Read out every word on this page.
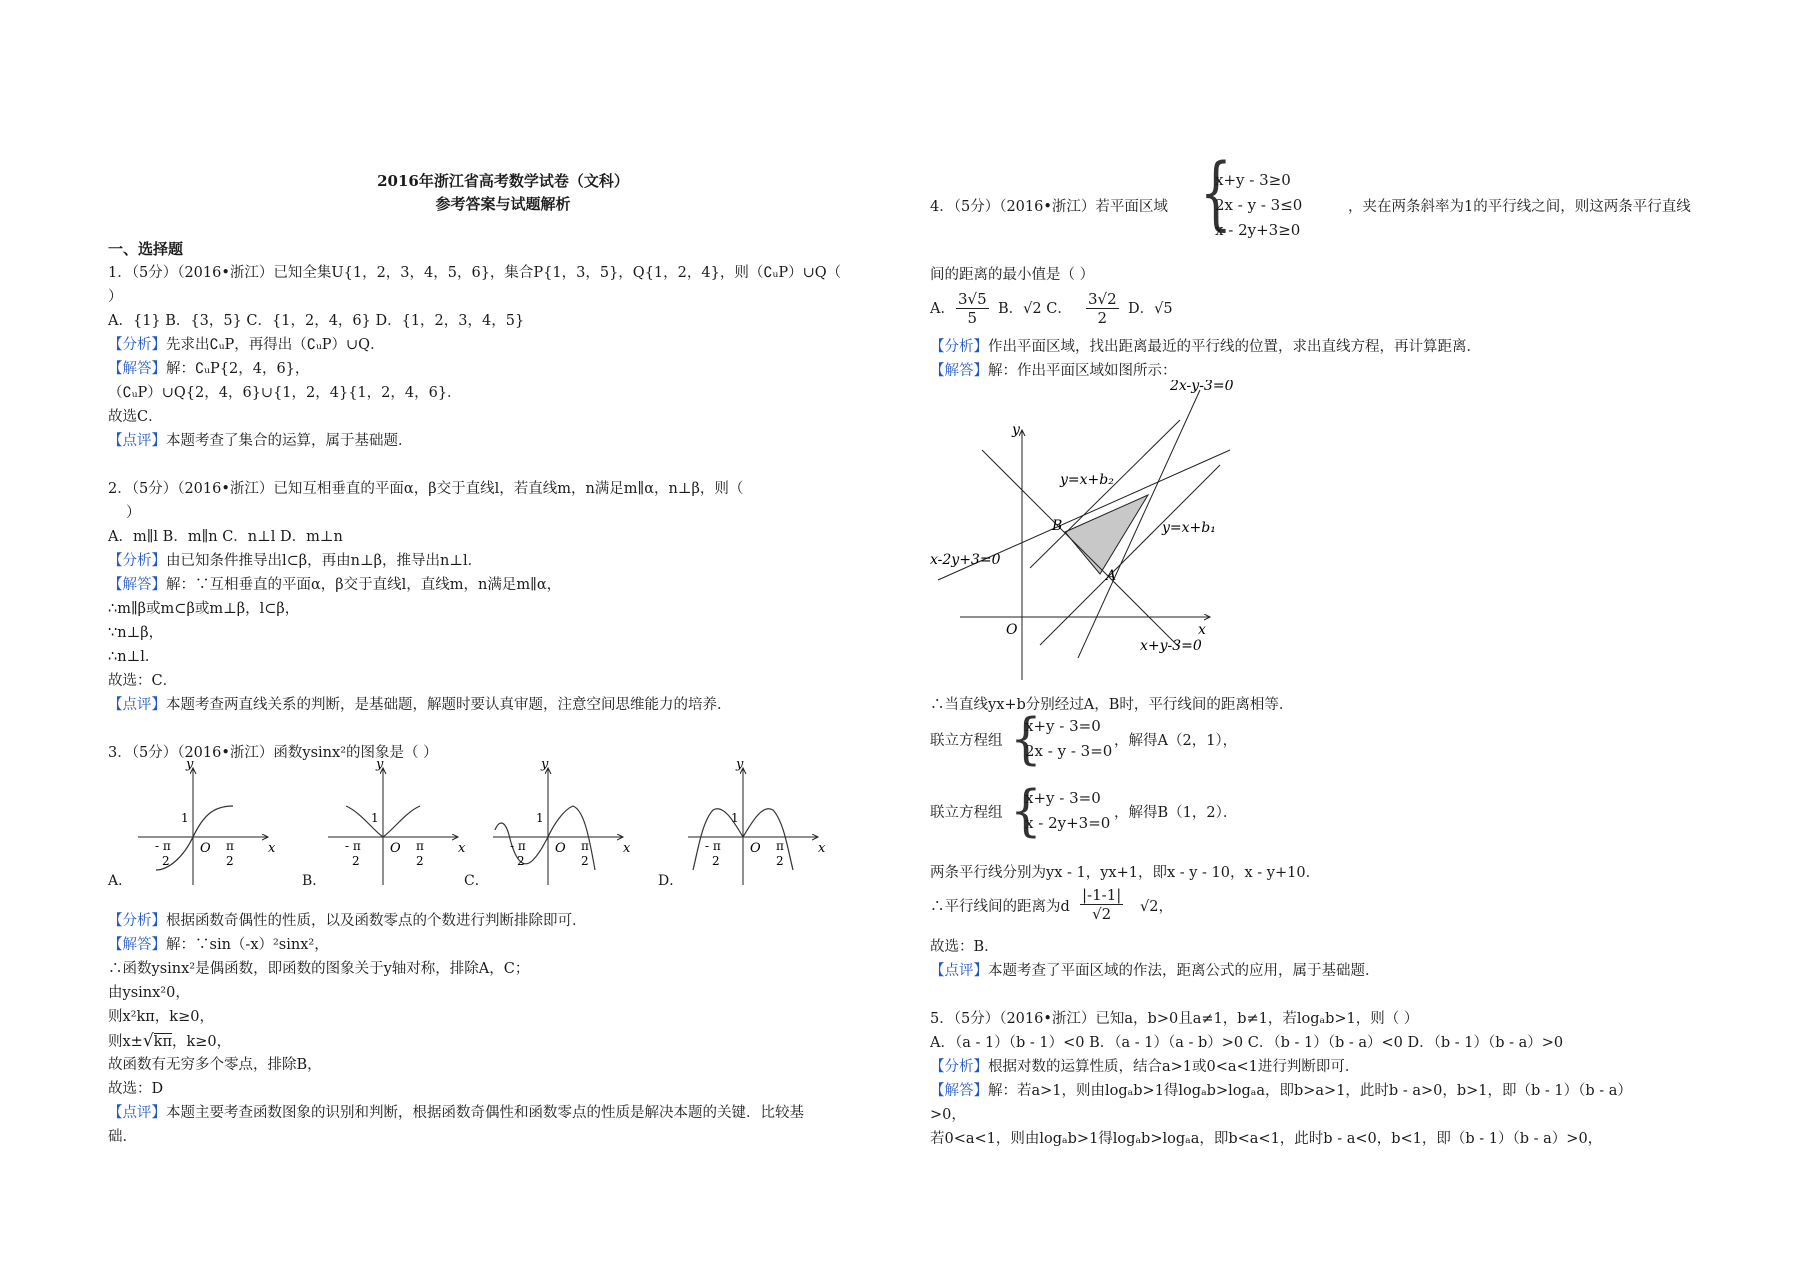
2016年浙江省高考数学试卷（文科）
参考答案与试题解析
一、选择题
1．（5分）（2016•浙江）已知全集U{1，2，3，4，5，6}，集合P{1，3，5}，Q{1，2，4}，则（∁ᵤP）∪Q（
）
A．{1} B．{3，5} C．{1，2，4，6} D．{1，2，3，4，5}
【分析】先求出∁ᵤP，再得出（∁ᵤP）∪Q．
【解答】解：∁ᵤP{2，4，6}，
（∁ᵤP）∪Q{2，4，6}∪{1，2，4}{1，2，4，6}．
故选C．
【点评】本题考查了集合的运算，属于基础题．
2．（5分）（2016•浙江）已知互相垂直的平面α，β交于直线l，若直线m，n满足m∥α，n⊥β，则（
）
A．m∥l B．m∥n C．n⊥l D．m⊥n
【分析】由已知条件推导出l⊂β，再由n⊥β，推导出n⊥l．
【解答】解：∵互相垂直的平面α，β交于直线l，直线m，n满足m∥α，
∴m∥β或m⊂β或m⊥β，l⊂β，
∵n⊥β，
∴n⊥l．
故选：C．
【点评】本题考查两直线关系的判断，是基础题，解题时要认真审题，注意空间思维能力的培养．
3．（5分）（2016•浙江）函数ysinx²的图象是（ ）
y
x
1
O
- π
2
π
2
y
x
1
O
- π
2
π
2
y
x
1
O
- π
2
π
2
y
x
1
O
- π
2
π
2
A．	B．	C．	D．
【分析】根据函数奇偶性的性质，以及函数零点的个数进行判断排除即可．
【解答】解：∵sin（-x）²sinx²，
∴函数ysinx²是偶函数，即函数的图象关于y轴对称，排除A，C；
由ysinx²0，
则x²kπ，k≥0，
则x±√kπ，k≥0，
故函数有无穷多个零点，排除B，
故选：D
【点评】本题主要考查函数图象的识别和判断，根据函数奇偶性和函数零点的性质是解决本题的关键．比较基
础．
4．（5分）（2016•浙江）若平面区域 {
x+y - 3≥0
2x - y - 3≤0
x - 2y+3≥0
，夹在两条斜率为1的平行线之间，则这两条平行直线
间的距离的最小值是（ ）
A． $\frac{3√5}{5}$ B．√2 C． $\frac{3√2}{2}$ D．√5
【分析】作出平面区域，找出距离最近的平行线的位置，求出直线方程，再计算距离．
【解答】解：作出平面区域如图所示：
2x-y-3=0
y=x+b₂
y=x+b₁
x-2y+3=0
x+y-3=0
A
B
O	x
y
∴当直线yx+b分别经过A，B时，平行线间的距离相等．
联立方程组 {
x+y - 3=0
2x - y - 3=0
，解得A（2，1），
联立方程组 {
x+y - 3=0
x - 2y+3=0
，解得B（1，2）．
两条平行线分别为yx - 1，yx+1，即x - y - 10，x - y+10．
∴平行线间的距离为d $\frac{|-1-1|}{√2} √2$，
故选：B．
【点评】本题考查了平面区域的作法，距离公式的应用，属于基础题．
5．（5分）（2016•浙江）已知a，b>0且a≠1，b≠1，若logₐb>1，则（ ）
A．（a - 1）（b - 1）<0 B．（a - 1）（a - b）>0 C．（b - 1）（b - a）<0 D．（b - 1）（b - a）>0
【分析】根据对数的运算性质，结合a>1或0<a<1进行判断即可．
【解答】解：若a>1，则由logₐb>1得logₐb>logₐa，即b>a>1，此时b - a>0，b>1，即（b - 1）（b - a）
>0，
若0<a<1，则由logₐb>1得logₐb>logₐa，即b<a<1，此时b - a<0，b<1，即（b - 1）（b - a）>0，
